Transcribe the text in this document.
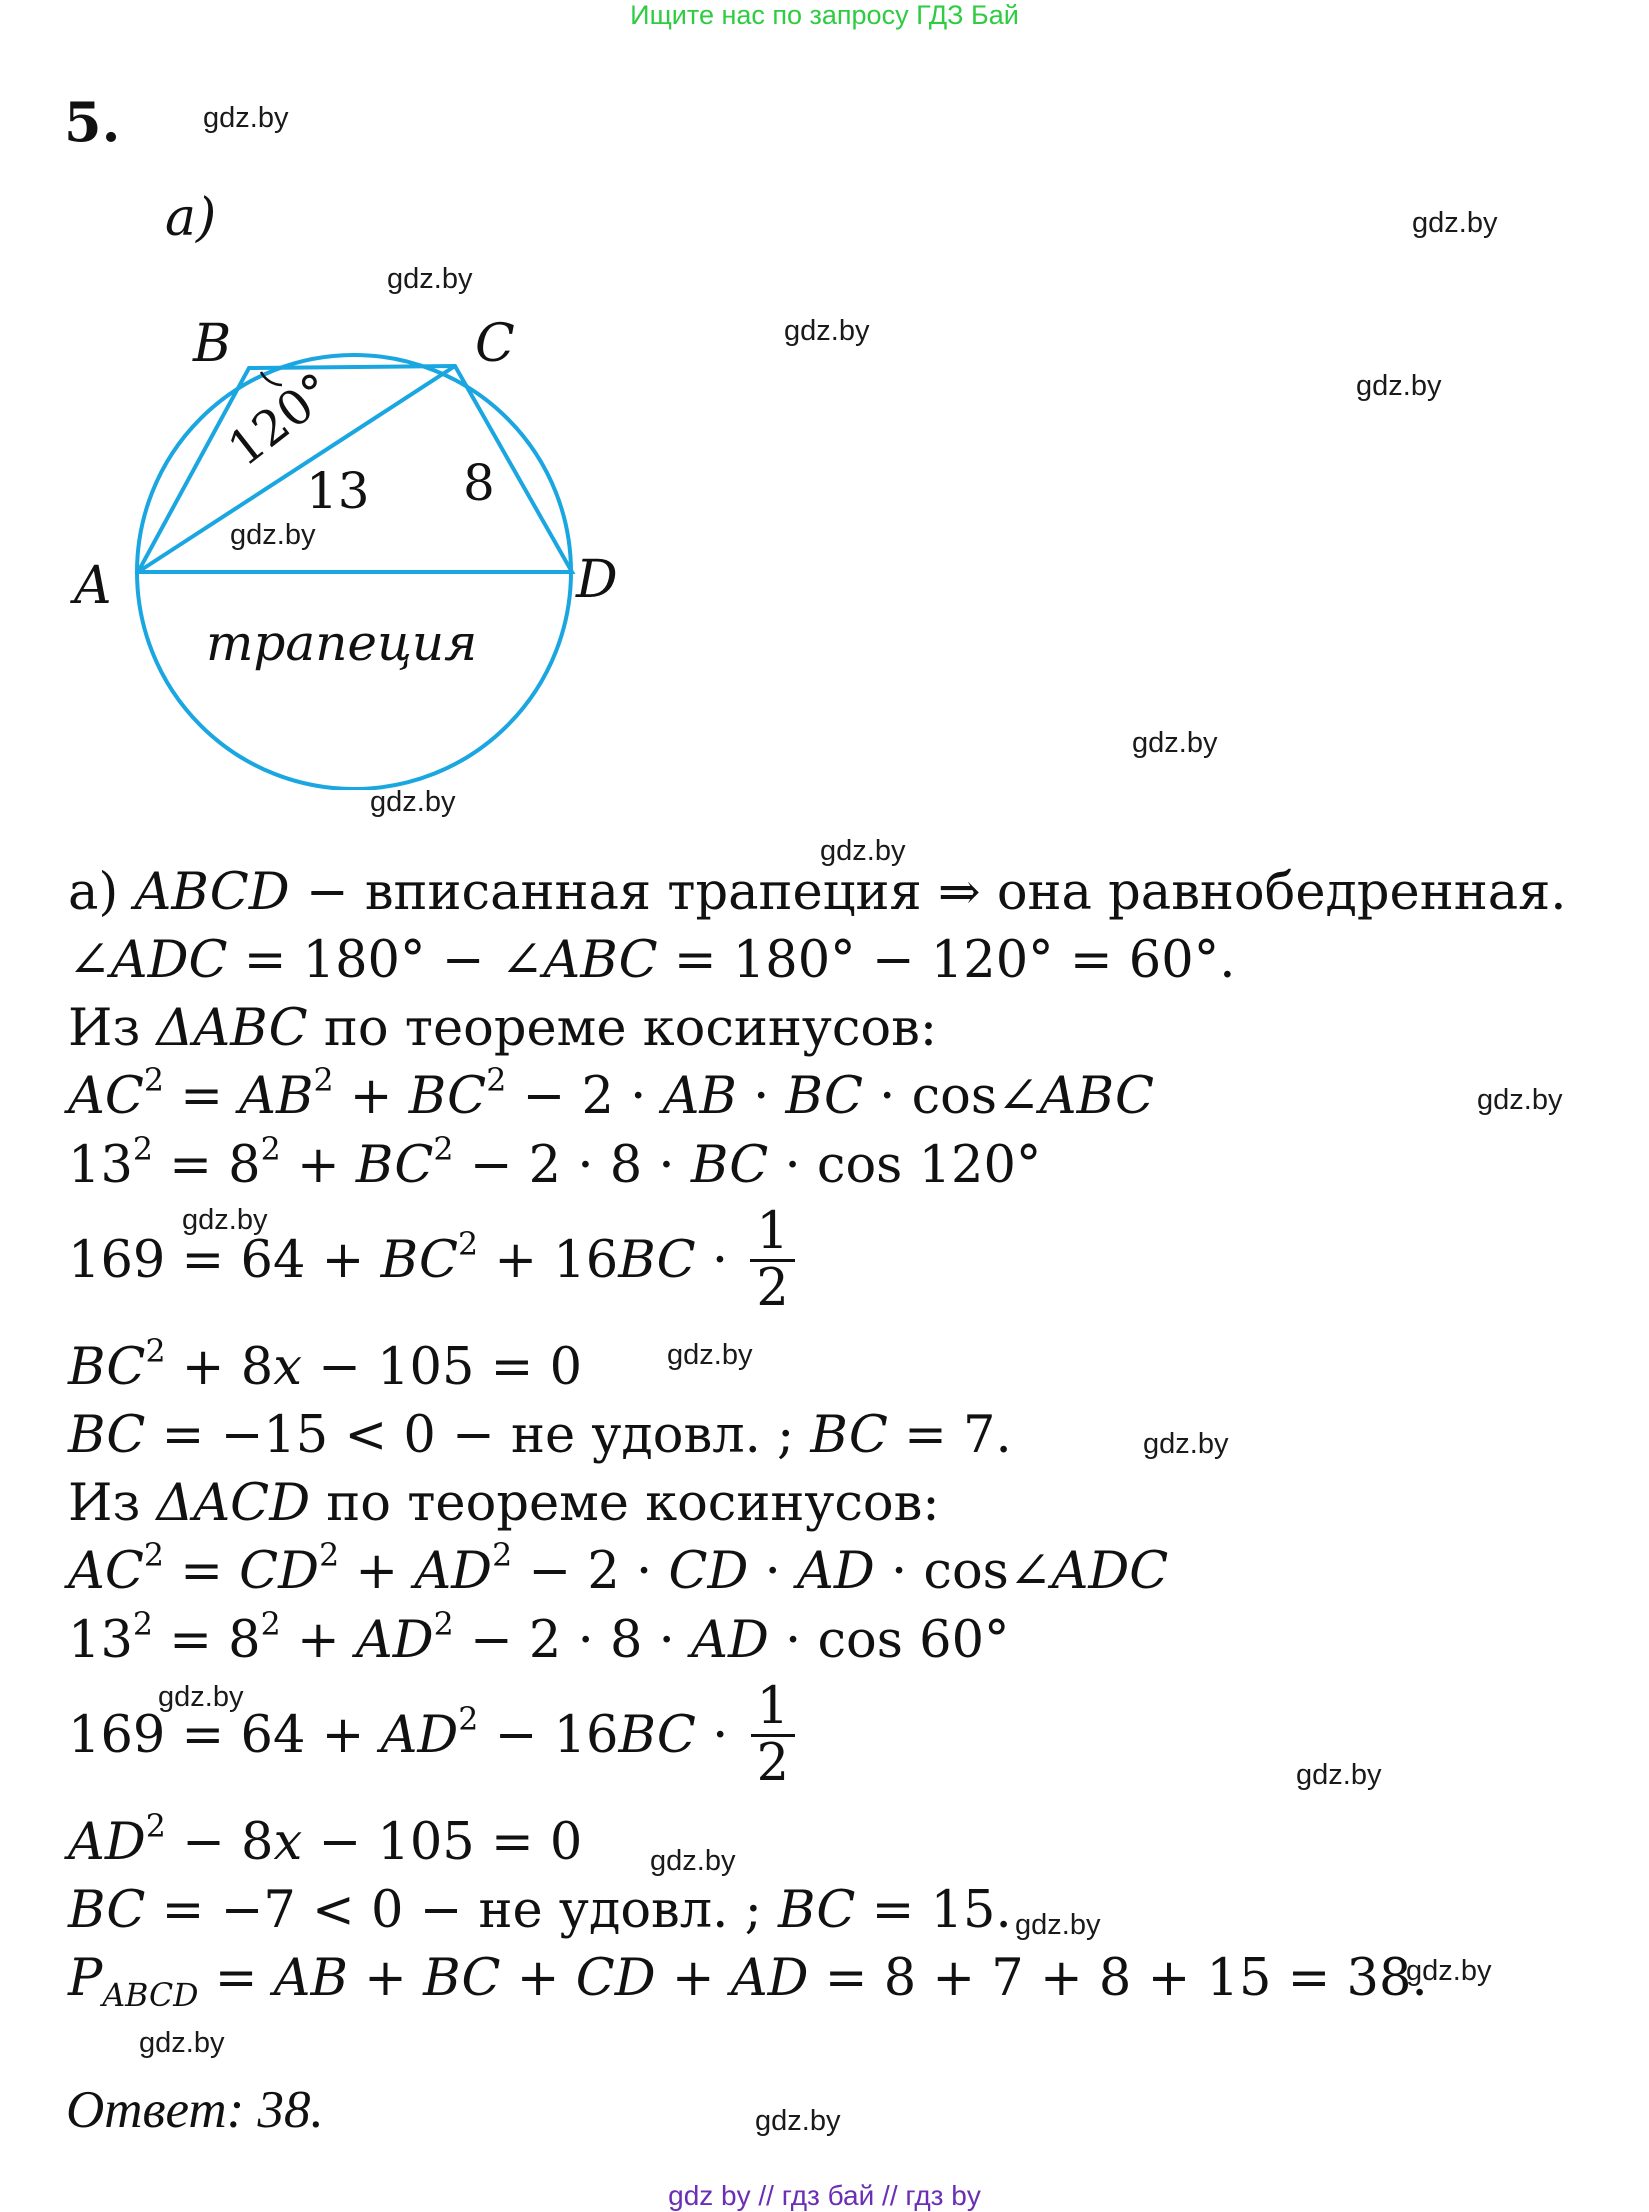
Ищите нас по запросу ГДЗ Бай
5.
а)
B	C
A	D
120°
13 8
трапеция
а) ABCD − вписанная трапеция ⇒ она равнобедренная.
∠ADC = 180° − ∠ABC = 180° − 120° = 60°.
Из ΔABC по теореме косинусов:
$AC^2 = AB^2 + BC^2 - 2$ · AB · BC · cos∠ABC
$13^2 = 8^2 + BC^2 - 2 \cdot 8$ · BC · cos 120°
$169 = 64 + BC^2 + 16BC \cdot \frac{1}{2}$
$BC^2 + 8x - 105 = 0$
BC = −15 < 0 − не удовл. ; BC = 7.
Из ΔACD по теореме косинусов:
$AC^2 = CD^2 + AD^2 - 2$ · CD · AD · cos∠ADC
$13^2 = 8^2 + AD^2 - 2 \cdot 8$ · AD · cos 60°
$169 = 64 + AD^2 - 16BC \cdot \frac{1}{2}$
$AD^2 - 8x - 105 = 0$
BC = −7 < 0 − не удовл. ; BC = 15.
$P_{ABCD}$ = AB + BC + CD + AD = 8 + 7 + 8 + 15 = 38.
Ответ: 38.
gdz.by
gdz.by
gdz.by
gdz.by
gdz.by
gdz.by
gdz.by
gdz.by
gdz.by
gdz.by
gdz.by
gdz.by
gdz.by
gdz.by
gdz.by
gdz.by
gdz.by
gdz.by
gdz.by
gdz.by
gdz by // гдз бай // гдз by
